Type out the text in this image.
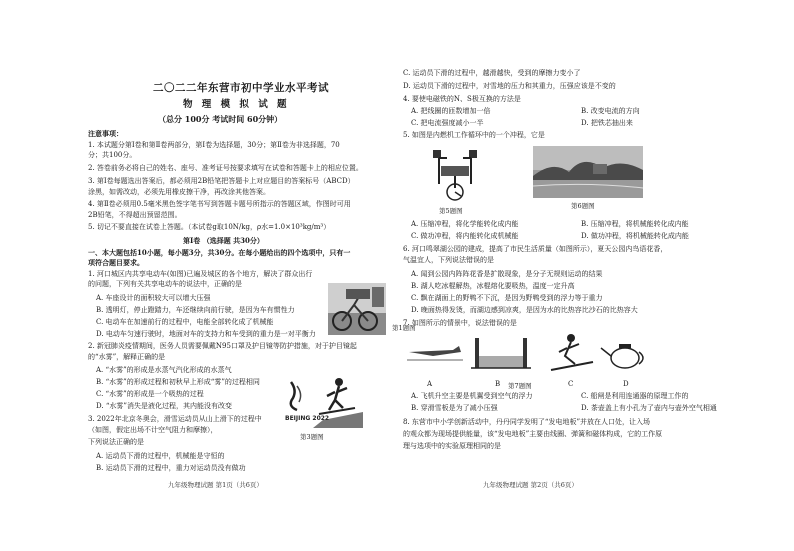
二〇二二年东营市初中学业水平考试
物 理 模 拟 试 题
（总分 100分 考试时间 60分钟）
注意事项：
1. 本试题分第Ⅰ卷和第Ⅱ卷两部分，第Ⅰ卷为选择题，30分；第Ⅱ卷为非选择题，70
分；共100分。
2. 答卷前务必将自己的姓名、座号、准考证号按要求填写在试卷和答题卡上的相应位置。
3. 第Ⅰ卷每题选出答案后，都必须用2B铅笔把答题卡上对应题目的答案标号（ABCD）
涂黑，如需改动，必须先用橡皮擦干净，再改涂其他答案。
4. 第Ⅱ卷必须用0.5毫米黑色签字笔书写到答题卡题号所指示的答题区域，作图时可用
2B铅笔，不得超出预留范围。
5. 切记不要直接在试卷上答题。（本试卷g取10N/kg，ρ水=1.0×10³kg/m³）
第Ⅰ卷 （选择题 共30分）
一、本大题包括10小题，每小题3分，共30分。在每小题给出的四个选项中，只有一
项符合题目要求。
1. 河口城区内共享电动车(如图)已遍及城区的各个地方，解决了群众出行
的问题，下列有关共享电动车的说法中，正确的是
A. 车座设计的面积较大可以增大压强
B. 透明灯，停止蹬踏力，车还继续向前行驶，是因为车有惯性力
C. 电动车在加速前行的过程中，电能全部转化成了机械能
D. 电动车匀速行驶时，地面对车的支持力和车受到的重力是一对平衡力
第1题图
2. 新冠肺炎疫情期间，医务人员需要佩戴N95口罩及护目镜等防护措施，对于护目镜起
的“水雾”，解释正确的是
A. “水雾”的形成是水蒸气汽化形成的水蒸气
B. “水雾”的形成过程和初秋早上形成“雾”的过程相同
C. “水雾”的形成是一个吸热的过程
D. “水雾”消失是液化过程，其内能没有改变
3. 2022年北京冬奥会，滑雪运动员从山上滑下的过程中
（如图，假定出场不计空气阻力和摩擦），
下列说法正确的是
A. 运动员下滑的过程中，机械能是守恒的
B. 运动员下滑的过程中，重力对运动员没有做功
BEIJING 2022
第3题图
九年级物理试题 第1页（共6页）
C. 运动员下滑的过程中，越滑越快，受到的摩擦力变小了
D. 运动员下滑的过程中，对雪地的压力和其重力，压强应该是不变的
4. 要使电磁铁的N、S极互换的方法是
A. 把线圈的匝数增加一倍	B. 改变电流的方向
C. 把电流强度减小一半	D. 把铁芯抽出来
5. 如图是内燃机工作循环中的一个冲程，它是
第5题图
第6题图
A. 压缩冲程，将化学能转化成内能	B. 压缩冲程，将机械能转化成内能
C. 做功冲程，将内能转化成机械能	D. 做功冲程，将机械能转化成内能
6. 河口鸣翠湖公园的建成，提高了市民生活质量（如图所示），夏天公园内鸟语花香，
气温宜人，下列说法错误的是
A. 闻到公园内阵阵花香是扩散现象，是分子无规则运动的结果
B. 湖人吃冰棍解热，冰棍熔化要吸热，温度一定升高
C. 飘在湖面上的野鸭不下沉，是因为野鸭受到的浮力等于重力
D. 晚面热得发烫，而湖边感到凉爽，是因为水的比热容比沙石的比热容大
7. 如图所示的情景中，说法错误的是
A	B	C	D
第7题图
A. 飞机升空主要是机翼受到空气的浮力	C. 船闸是利用连通器的原理工作的
B. 穿滑雪板是为了减小压强	D. 茶壶盖上有小孔为了壶内与壶外空气相通
8. 东营市中小学创新活动中，丹丹同学发明了“发电地板”并放在人口处，让入场
的观众都为现场提供能量，该“发电地板”主要由线圈、弹簧和磁体构成，它的工作原
理与选项中的实验原理相同的是
九年级物理试题 第2页（共6页）
